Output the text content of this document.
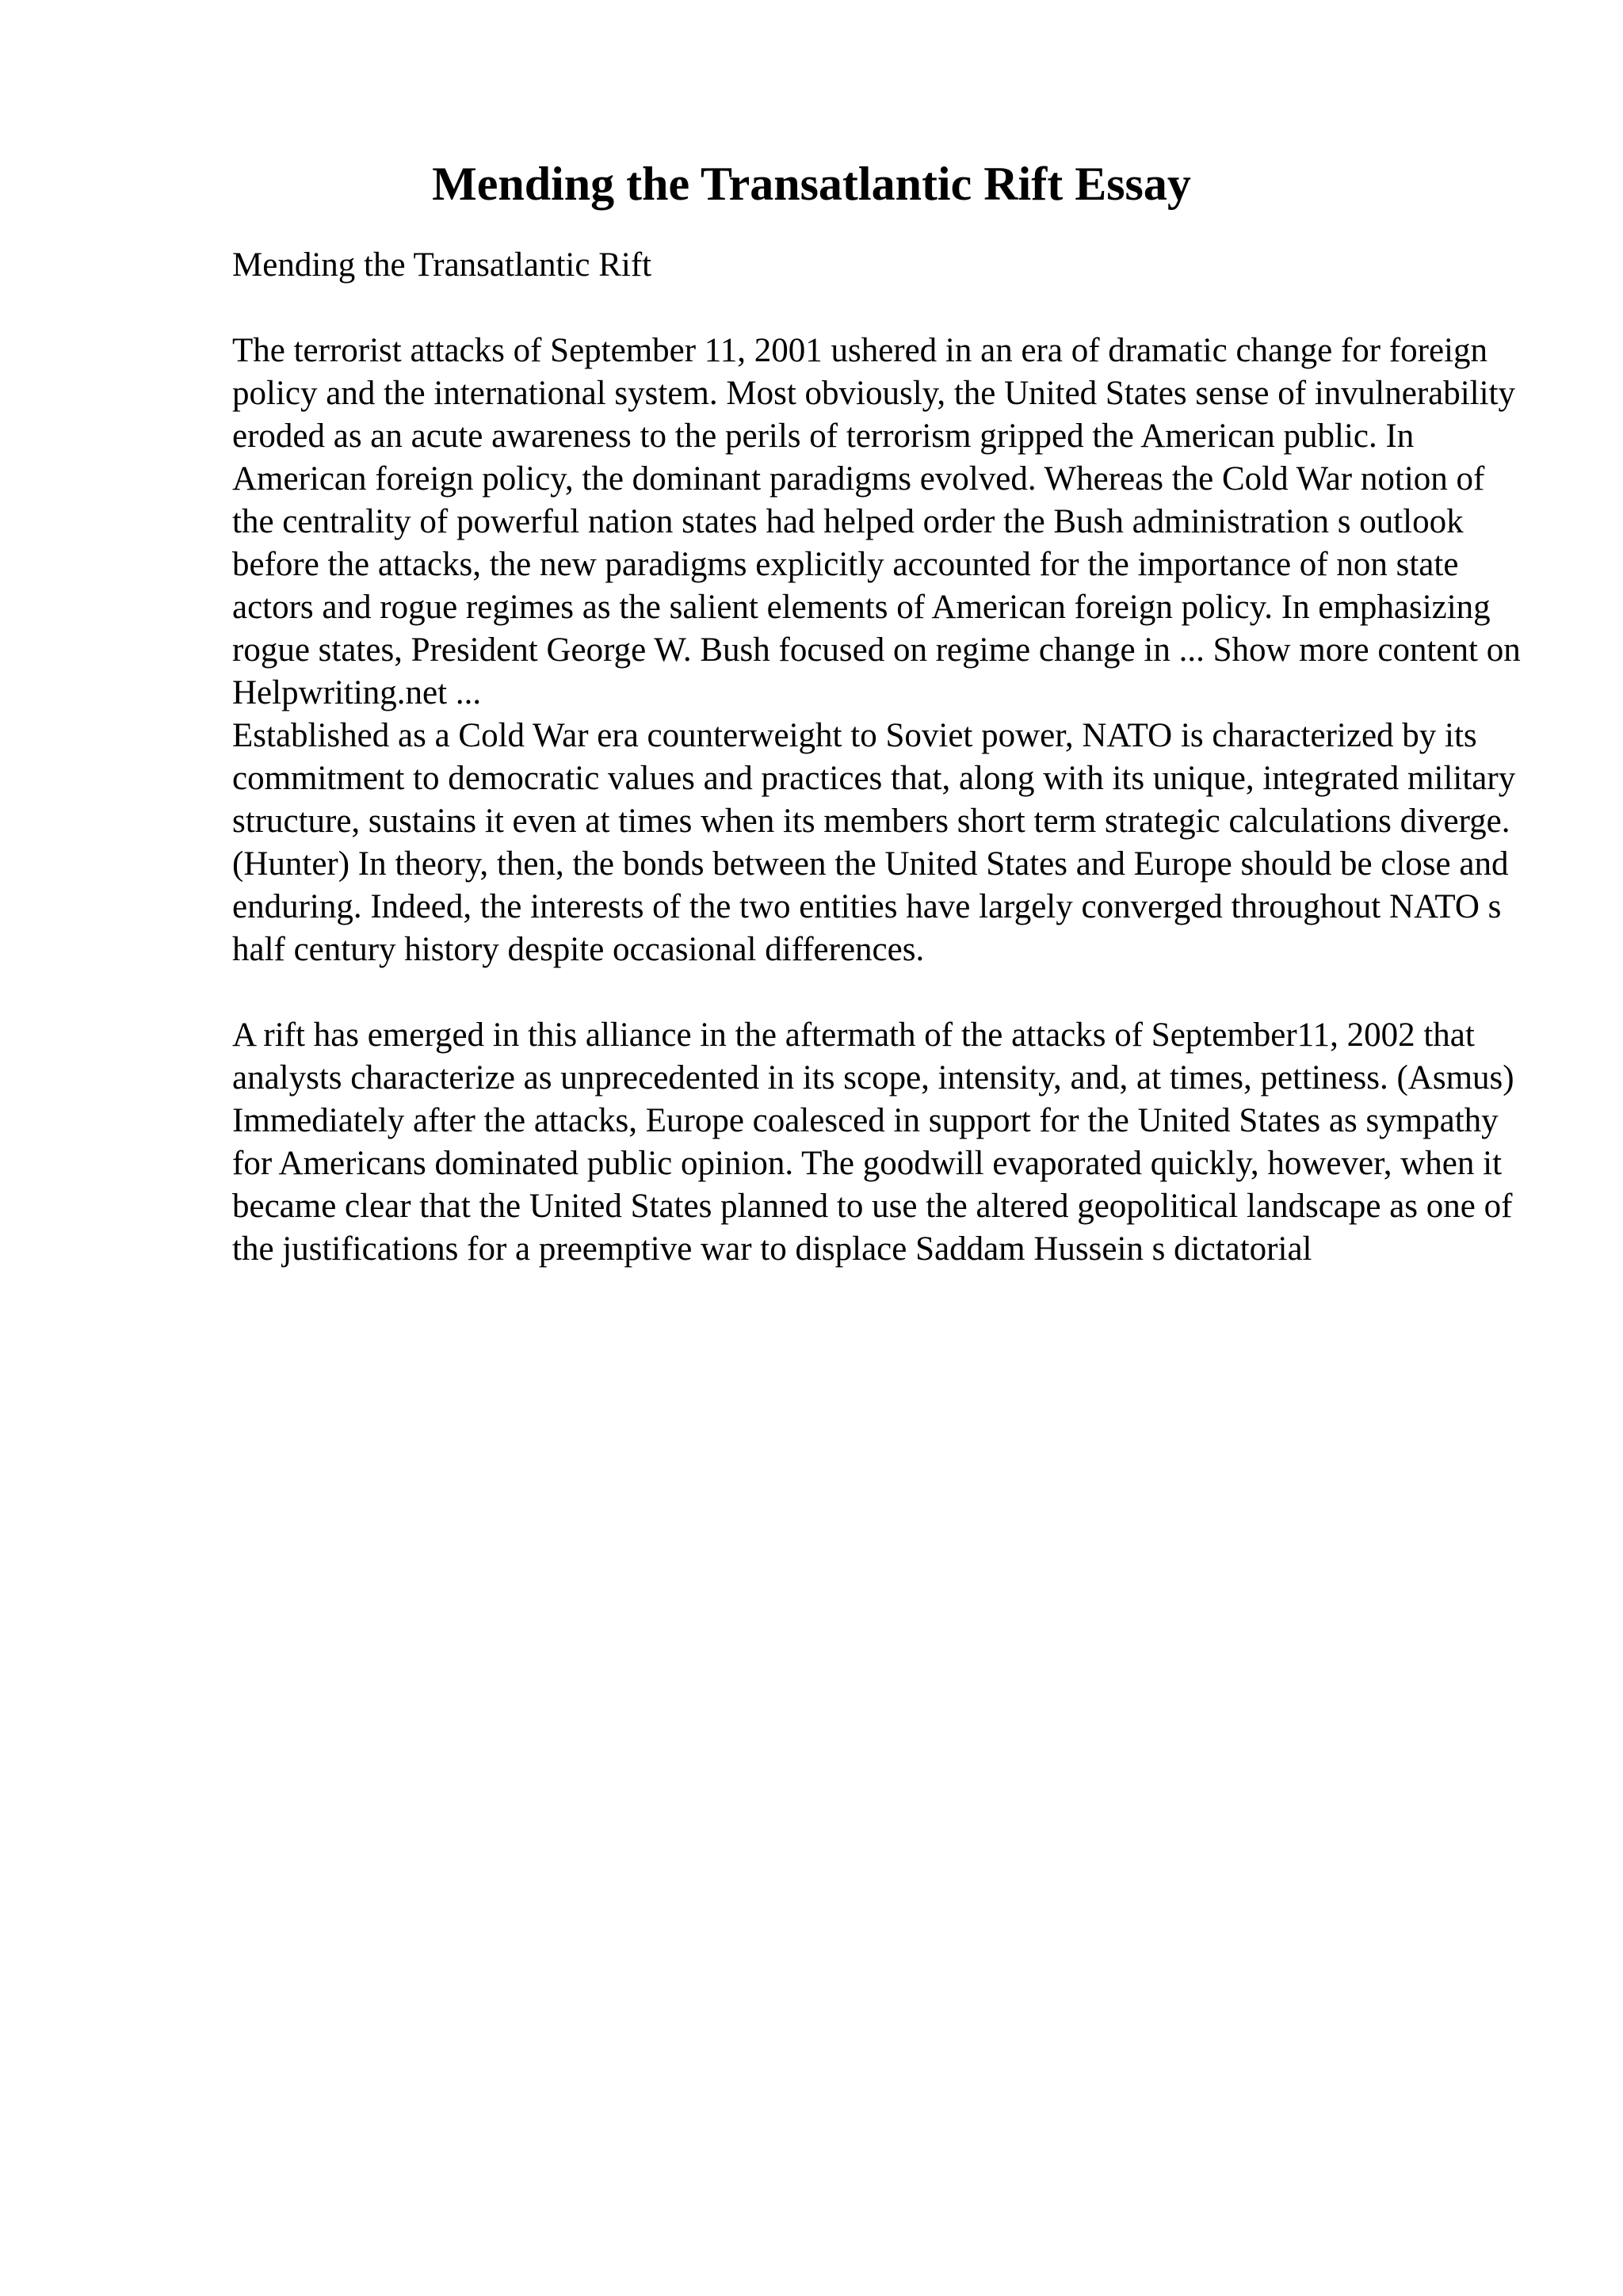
Mending the Transatlantic Rift Essay

Mending the Transatlantic Rift

The terrorist attacks of September 11, 2001 ushered in an era of dramatic change for foreign policy and the international system. Most obviously, the United States sense of invulnerability eroded as an acute awareness to the perils of terrorism gripped the American public. In American foreign policy, the dominant paradigms evolved. Whereas the Cold War notion of the centrality of powerful nation states had helped order the Bush administration s outlook before the attacks, the new paradigms explicitly accounted for the importance of non state actors and rogue regimes as the salient elements of American foreign policy. In emphasizing rogue states, President George W. Bush focused on regime change in ... Show more content on Helpwriting.net ...

Established as a Cold War era counterweight to Soviet power, NATO is characterized by its commitment to democratic values and practices that, along with its unique, integrated military structure, sustains it even at times when its members short term strategic calculations diverge. (Hunter) In theory, then, the bonds between the United States and Europe should be close and enduring. Indeed, the interests of the two entities have largely converged throughout NATO s half century history despite occasional differences.

A rift has emerged in this alliance in the aftermath of the attacks of September11, 2002 that analysts characterize as unprecedented in its scope, intensity, and, at times, pettiness. (Asmus) Immediately after the attacks, Europe coalesced in support for the United States as sympathy for Americans dominated public opinion. The goodwill evaporated quickly, however, when it became clear that the United States planned to use the altered geopolitical landscape as one of the justifications for a preemptive war to displace Saddam Hussein s dictatorial
